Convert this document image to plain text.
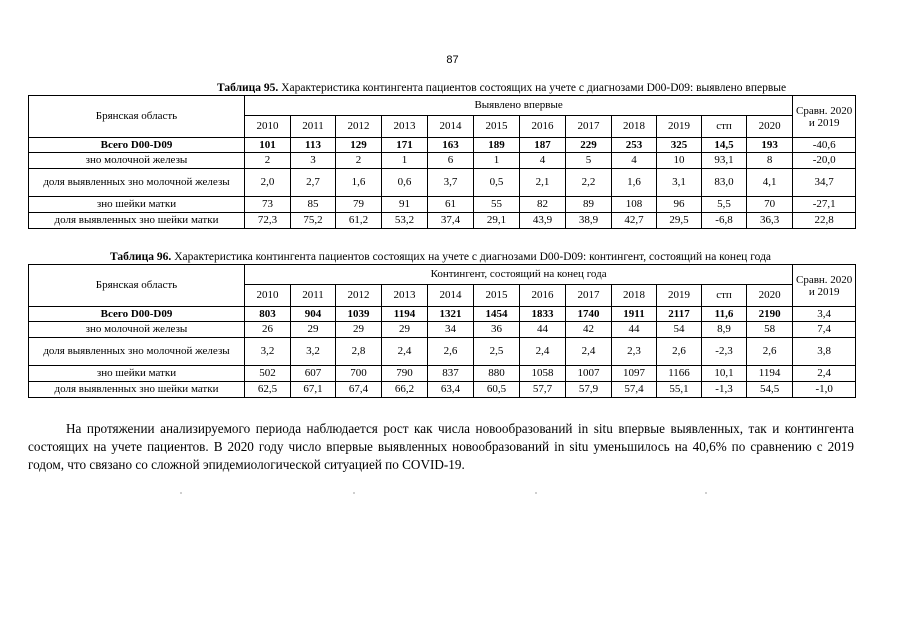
87
Таблица 95. Характеристика контингента пациентов состоящих на учете с диагнозами D00-D09: выявлено впервые
Брянская область	Выявлено впервые												Сравн. 2020 и 2019
	2010	2011	2012	2013	2014	2015	2016	2017	2018	2019	стп	2020	
Всего D00-D09	101	113	129	171	163	189	187	229	253	325	14,5	193	-40,6
зно молочной железы	2	3	2	1	6	1	4	5	4	10	93,1	8	-20,0
доля выявленных зно молочной железы	2,0	2,7	1,6	0,6	3,7	0,5	2,1	2,2	1,6	3,1	83,0	4,1	34,7
зно шейки матки	73	85	79	91	61	55	82	89	108	96	5,5	70	-27,1
доля выявленных зно шейки матки	72,3	75,2	61,2	53,2	37,4	29,1	43,9	38,9	42,7	29,5	-6,8	36,3	22,8
Таблица 96. Характеристика контингента пациентов состоящих на учете с диагнозами D00-D09: контингент, состоящий на конец года
Брянская область	Контингент, состоящий на конец года												Сравн. 2020 и 2019
	2010	2011	2012	2013	2014	2015	2016	2017	2018	2019	стп	2020	
Всего D00-D09	803	904	1039	1194	1321	1454	1833	1740	1911	2117	11,6	2190	3,4
зно молочной железы	26	29	29	29	34	36	44	42	44	54	8,9	58	7,4
доля выявленных зно молочной железы	3,2	3,2	2,8	2,4	2,6	2,5	2,4	2,4	2,3	2,6	-2,3	2,6	3,8
зно шейки матки	502	607	700	790	837	880	1058	1007	1097	1166	10,1	1194	2,4
доля выявленных зно шейки матки	62,5	67,1	67,4	66,2	63,4	60,5	57,7	57,9	57,4	55,1	-1,3	54,5	-1,0
На протяжении анализируемого периода наблюдается рост как числа новообразований in situ впервые выявленных, так и контингента состоящих на учете пациентов. В 2020 году число впервые выявленных новообразований in situ уменьшилось на 40,6% по сравнению с 2019 годом, что связано со сложной эпидемиологической ситуацией по COVID-19.
